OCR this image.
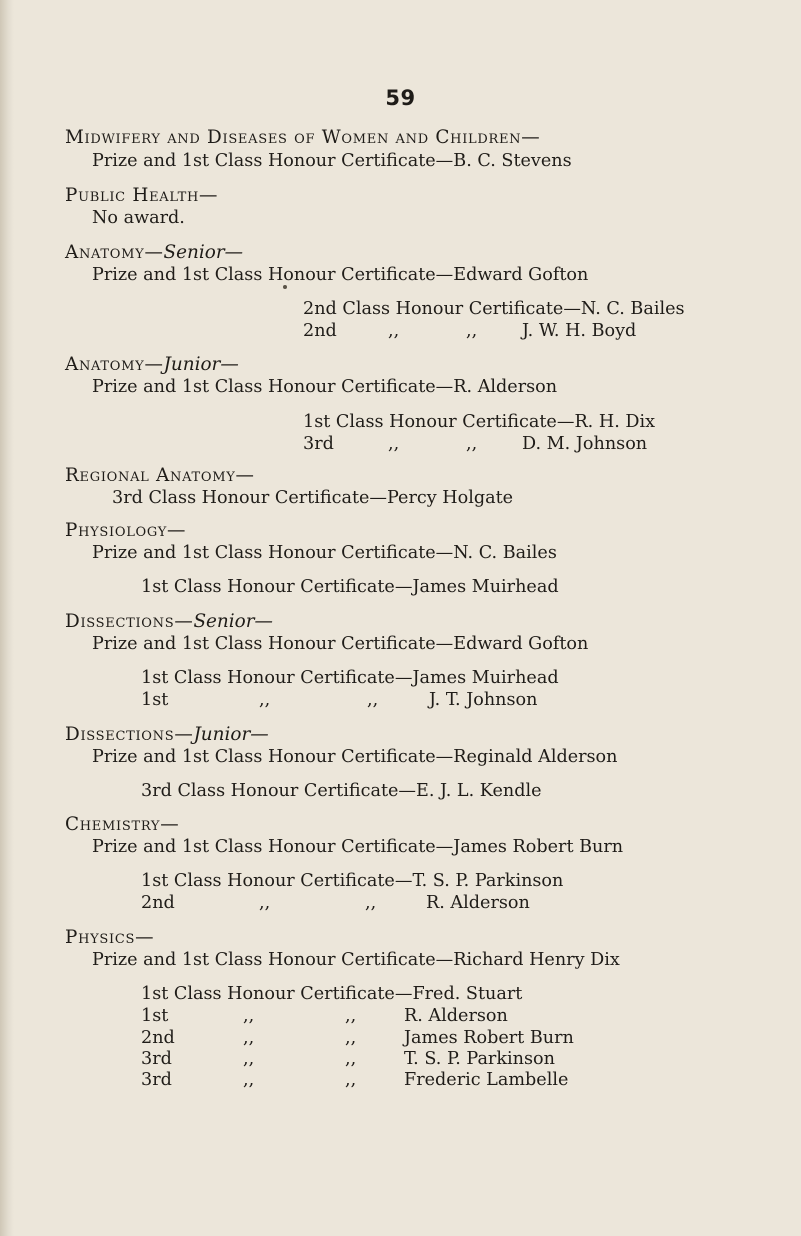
59
Midwifery and Diseases of Women and Children—
Prize and 1st Class Honour Certificate—B. C. Stevens
Public Health—
No award.
Anatomy—Senior—
Prize and 1st Class Honour Certificate—Edward Gofton
2nd Class Honour Certificate—N. C. Bailes
2nd	,,	,,	J. W. H. Boyd
Anatomy—Junior—
Prize and 1st Class Honour Certificate—R. Alderson
1st Class Honour Certificate—R. H. Dix
3rd	,,	,,	D. M. Johnson
Regional Anatomy—
3rd Class Honour Certificate—Percy Holgate
Physiology—
Prize and 1st Class Honour Certificate—N. C. Bailes
1st Class Honour Certificate—James Muirhead
Dissections—Senior—
Prize and 1st Class Honour Certificate—Edward Gofton
1st Class Honour Certificate—James Muirhead
1st	,,	,,	J. T. Johnson
Dissections—Junior—
Prize and 1st Class Honour Certificate—Reginald Alderson
3rd Class Honour Certificate—E. J. L. Kendle
Chemistry—
Prize and 1st Class Honour Certificate—James Robert Burn
1st Class Honour Certificate—T. S. P. Parkinson
2nd	,,	,,	R. Alderson
Physics—
Prize and 1st Class Honour Certificate—Richard Henry Dix
1st Class Honour Certificate—Fred. Stuart
1st	,,	,,	R. Alderson
2nd	,,	,,	James Robert Burn
3rd	,,	,,	T. S. P. Parkinson
3rd	,,	,,	Frederic Lambelle
